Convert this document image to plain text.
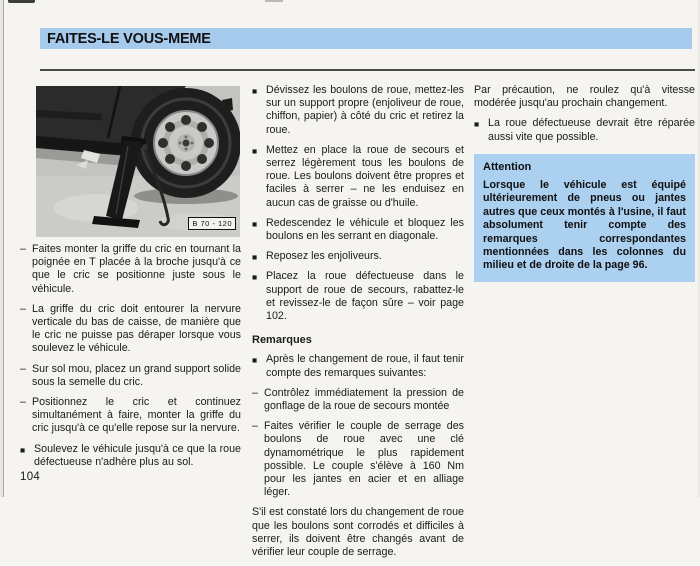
FAITES-LE VOUS-MEME
B 70 - 120
– Faites monter la griffe du cric en tournant la poignée en T placée à la broche jusqu'à ce que le cric se positionne juste sous le véhicule.
– La griffe du cric doit entourer la nervure verticale du bas de caisse, de manière que le cric ne puisse pas déraper lorsque vous soulevez le véhicule.
– Sur sol mou, placez un grand support solide sous la semelle du cric.
– Positionnez le cric et continuez simultanément à faire, monter la griffe du cric jusqu'à ce qu'elle repose sur la nervure.
■ Soulevez le véhicule jusqu'à ce que la roue défectueuse n'adhère plus au sol.
■ Dévissez les boulons de roue, mettez-les sur un support propre (enjoliveur de roue, chiffon, papier) à côté du cric et retirez la roue.
■ Mettez en place la roue de secours et serrez légèrement tous les boulons de roue. Les boulons doivent être propres et faciles à serrer – ne les enduisez en aucun cas de graisse ou d'huile.
■ Redescendez le véhicule et bloquez les boulons en les serrant en diagonale.
■ Reposez les enjoliveurs.
■ Placez la roue défectueuse dans le support de roue de secours, rabattez-le et revissez-le de façon sûre – voir page 102.
Remarques
■ Après le changement de roue, il faut tenir compte des remarques suivantes:
– Contrôlez immédiatement la pression de gonflage de la roue de secours montée
– Faites vérifier le couple de serrage des boulons de roue avec une clé dynamométrique le plus rapidement possible. Le couple s'élève à 160 Nm pour les jantes en acier et en alliage léger.
S'il est constaté lors du changement de roue que les boulons sont corrodés et difficiles à serrer, ils doivent être changés avant de vérifier leur couple de serrage.
Par précaution, ne roulez qu'à vitesse modérée jusqu'au prochain changement.
■ La roue défectueuse devrait être réparée aussi vite que possible.
Attention
Lorsque le véhicule est équipé ultérieurement de pneus ou jantes autres que ceux montés à l'usine, il faut absolument tenir compte des remarques correspondantes mentionnées dans les colonnes du milieu et de droite de la page 96.
104
